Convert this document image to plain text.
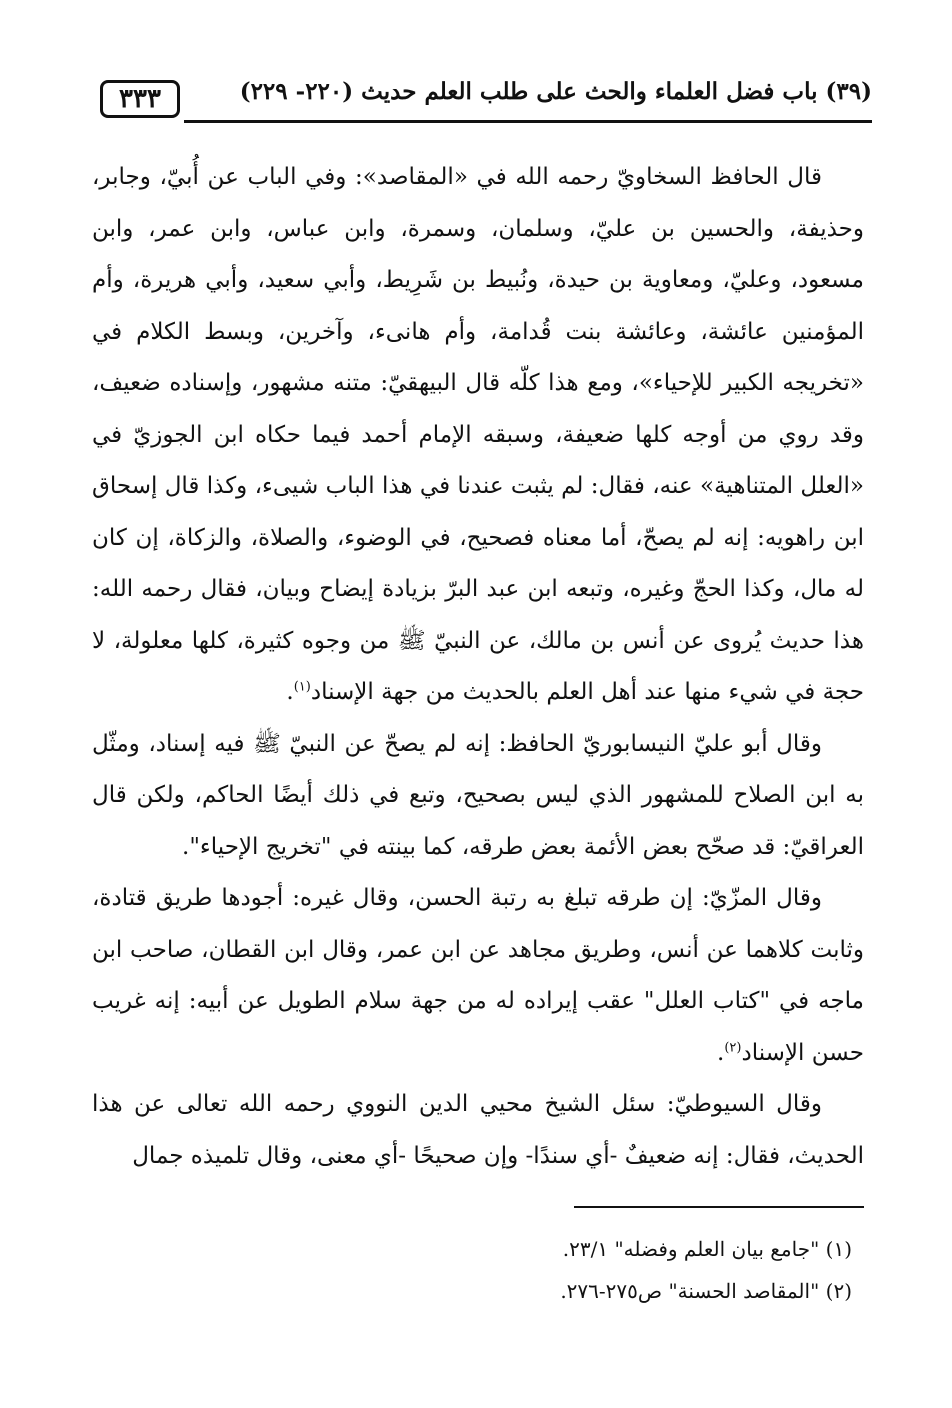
(٣٩) باب فضل العلماء والحث على طلب العلم حديث (٢٢٠- ٢٢٩)
٣٣٣

قال الحافظ السخاويّ رحمه الله في «المقاصد»: وفي الباب عن أُبيّ، وجابر، وحذيفة، والحسين بن عليّ، وسلمان، وسمرة، وابن عباس، وابن عمر، وابن مسعود، وعليّ، ومعاوية بن حيدة، ونُبيط بن شَرِيط، وأبي سعيد، وأبي هريرة، وأم المؤمنين عائشة، وعائشة بنت قُدامة، وأم هانىء، وآخرين، وبسط الكلام في «تخريجه الكبير للإحياء»، ومع هذا كلّه قال البيهقيّ: متنه مشهور، وإسناده ضعيف، وقد روي من أوجه كلها ضعيفة، وسبقه الإمام أحمد فيما حكاه ابن الجوزيّ في «العلل المتناهية» عنه، فقال: لم يثبت عندنا في هذا الباب شيىء، وكذا قال إسحاق ابن راهويه: إنه لم يصحّ، أما معناه فصحيح، في الوضوء، والصلاة، والزكاة، إن كان له مال، وكذا الحجّ وغيره، وتبعه ابن عبد البرّ بزيادة إيضاح وبيان، فقال رحمه الله: هذا حديث يُروى عن أنس بن مالك، عن النبيّ ﷺ من وجوه كثيرة، كلها معلولة، لا حجة في شيء منها عند أهل العلم بالحديث من جهة الإسناد$^{(١)}$.

وقال أبو عليّ النيسابوريّ الحافظ: إنه لم يصحّ عن النبيّ ﷺ فيه إسناد، ومثّل به ابن الصلاح للمشهور الذي ليس بصحيح، وتبع في ذلك أيضًا الحاكم، ولكن قال العراقيّ: قد صحّح بعض الأئمة بعض طرقه، كما بينته في "تخريج الإحياء".

وقال المزّيّ: إن طرقه تبلغ به رتبة الحسن، وقال غيره: أجودها طريق قتادة، وثابت كلاهما عن أنس، وطريق مجاهد عن ابن عمر، وقال ابن القطان، صاحب ابن ماجه في "كتاب العلل" عقب إيراده له من جهة سلام الطويل عن أبيه: إنه غريب حسن الإسناد$^{(٢)}$.

وقال السيوطيّ: سئل الشيخ محيي الدين النووي رحمه الله تعالى عن هذا الحديث، فقال: إنه ضعيفٌ -أي سندًا- وإن صحيحًا -أي معنى، وقال تلميذه جمال

(١) "جامع بيان العلم وفضله" ٢٣/١.
(٢) "المقاصد الحسنة" ص٢٧٥-٢٧٦.
